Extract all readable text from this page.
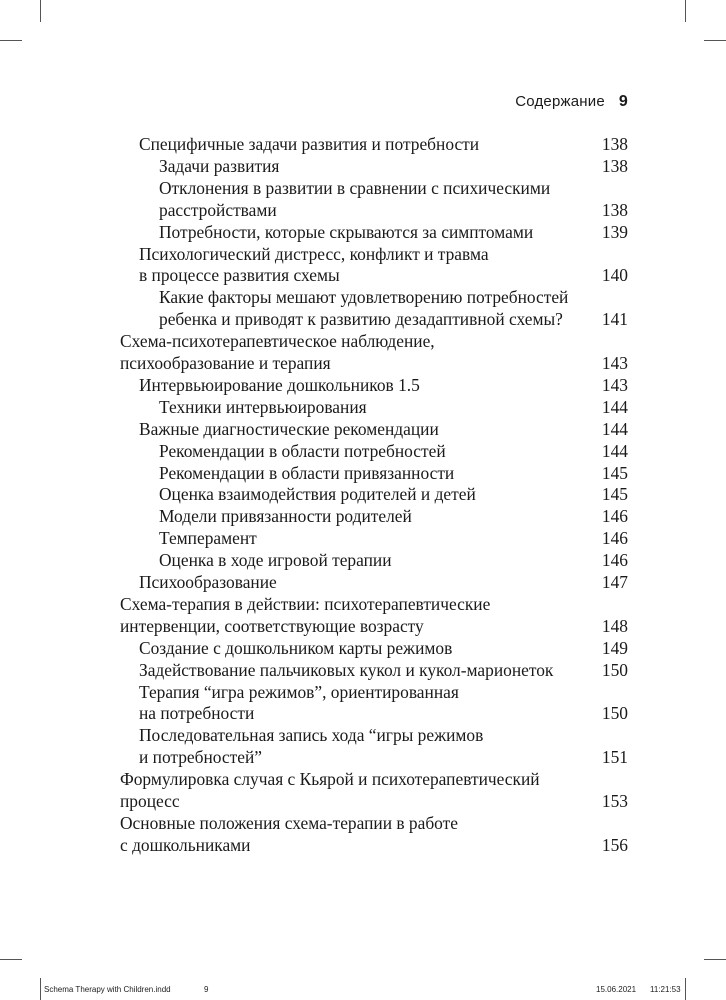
Содержание 9
Специфичные задачи развития и потребности	138
Задачи развития	138
Отклонения в развитии в сравнении с психическими
расстройствами	138
Потребности, которые скрываются за симптомами	139
Психологический дистресс, конфликт и травма
в процессе развития схемы	140
Какие факторы мешают удовлетворению потребностей
ребенка и приводят к развитию дезадаптивной схемы? 141
Схема-психотерапевтическое наблюдение,
психообразование и терапия	143
Интервьюирование дошкольников 1.5	143
Техники интервьюирования	144
Важные диагностические рекомендации	144
Рекомендации в области потребностей	144
Рекомендации в области привязанности	145
Оценка взаимодействия родителей и детей	145
Модели привязанности родителей	146
Темперамент	146
Оценка в ходе игровой терапии	146
Психообразование	147
Схема-терапия в действии: психотерапевтические
интервенции, соответствующие возрасту	148
Создание с дошкольником карты режимов	149
Задействование пальчиковых кукол и кукол-марионеток	150
Терапия “игра режимов”, ориентированная
на потребности	150
Последовательная запись хода “игры режимов
и потребностей”	151
Формулировка случая с Кьярой и психотерапевтический
процесс	153
Основные положения схема-терапии в работе
с дошкольниками	156
Schema Therapy with Children.indd	9	15.06.2021 11:21:53
